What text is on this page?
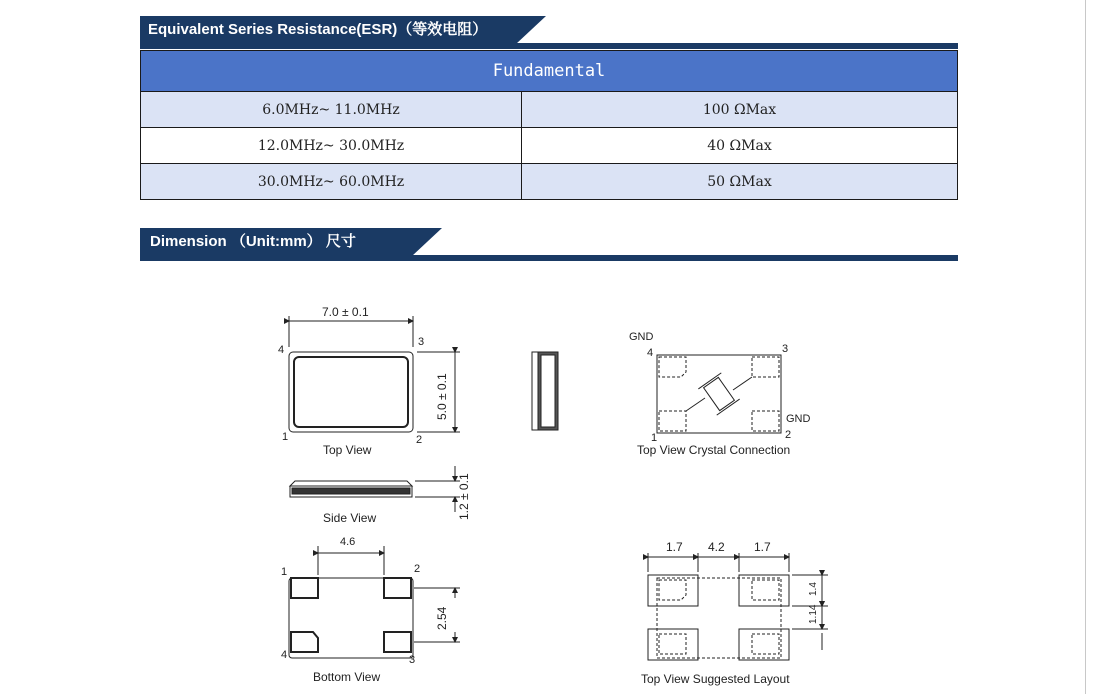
Equivalent Series Resistance(ESR)（等效电阻）
Fundamental	
6.0MHz~ 11.0MHz	100 ΩMax
12.0MHz~ 30.0MHz	40 ΩMax
30.0MHz~ 60.0MHz	50 ΩMax
Dimension （Unit:mm） 尺寸
7.0 ± 0.1
5.0 ± 0.1
4
3
1	2
Top View
1.2 ± 0.1
Side View
4.6
2.54
1	2
4	3
Bottom View
GND
GND
4	3
1	2
Top View Crystal Connection
1.7 4.2 1.7
1.4
1.14
Top View Suggested Layout
